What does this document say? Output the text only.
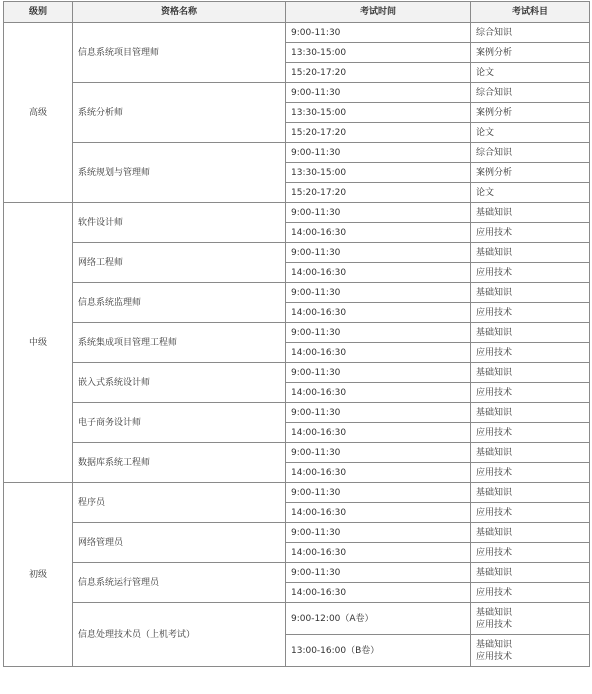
级别	资格名称	考试时间	考试科目
高级	信息系统项目管理师	9:00-11:30	综合知识
		13:30-15:00	案例分析
		15:20-17:20	论文
	系统分析师	9:00-11:30	综合知识
		13:30-15:00	案例分析
		15:20-17:20	论文
	系统规划与管理师	9:00-11:30	综合知识
		13:30-15:00	案例分析
		15:20-17:20	论文
中级	软件设计师	9:00-11:30	基础知识
		14:00-16:30	应用技术
	网络工程师	9:00-11:30	基础知识
		14:00-16:30	应用技术
	信息系统监理师	9:00-11:30	基础知识
		14:00-16:30	应用技术
	系统集成项目管理工程师	9:00-11:30	基础知识
		14:00-16:30	应用技术
	嵌入式系统设计师	9:00-11:30	基础知识
		14:00-16:30	应用技术
	电子商务设计师	9:00-11:30	基础知识
		14:00-16:30	应用技术
	数据库系统工程师	9:00-11:30	基础知识
		14:00-16:30	应用技术
初级	程序员	9:00-11:30	基础知识
		14:00-16:30	应用技术
	网络管理员	9:00-11:30	基础知识
		14:00-16:30	应用技术
	信息系统运行管理员	9:00-11:30	基础知识
		14:00-16:30	应用技术
	信息处理技术员（上机考试）	9:00-12:00（A卷）	基础知识
应用技术

		13:00-16:00（B卷）	基础知识
应用技术
